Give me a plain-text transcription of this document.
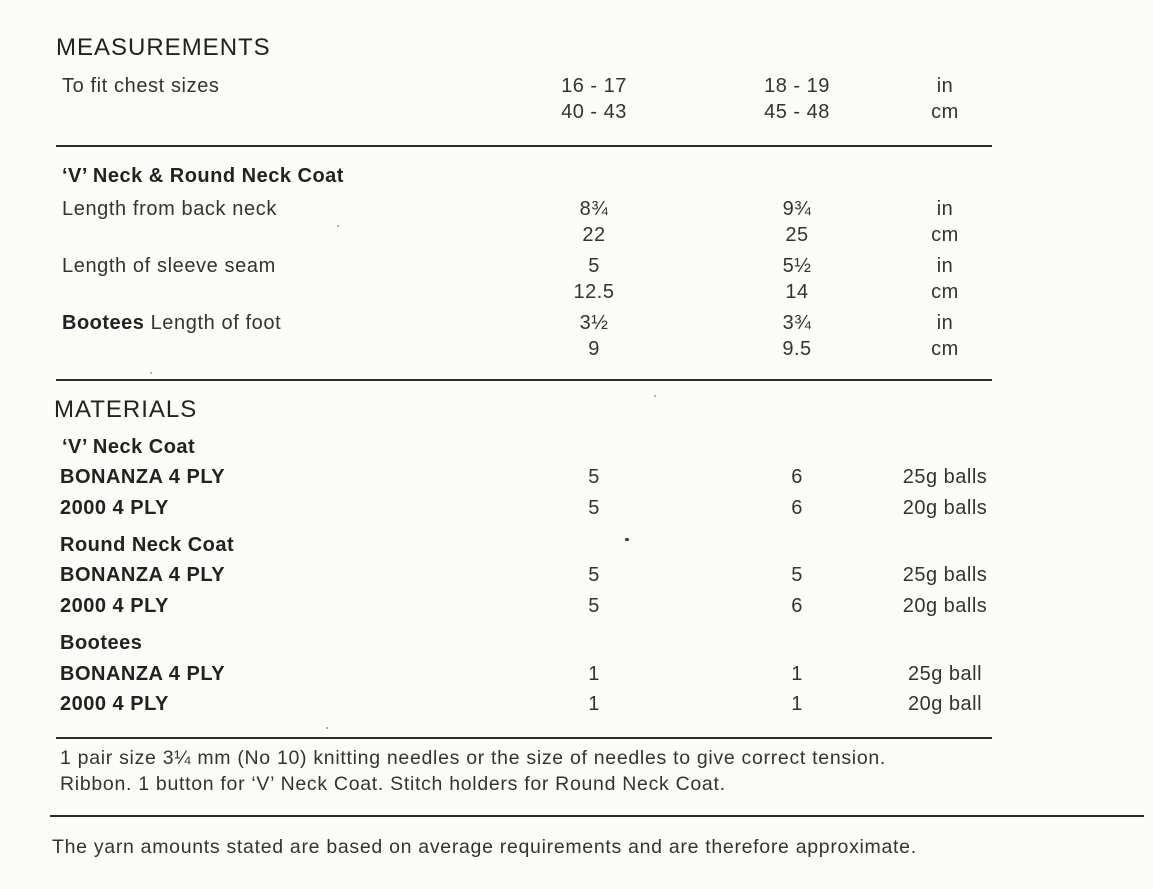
MEASUREMENTS
To fit chest sizes	16 - 17	18 - 19	in
40 - 43	45 - 48	cm
‘V’ Neck & Round Neck Coat
Length from back neck	8¾	9¾	in
22	25	cm
Length of sleeve seam	5	5½	in
12.5	14	cm
Bootees Length of foot	3½	3¾	in
9	9.5	cm
MATERIALS
‘V’ Neck Coat
BONANZA 4 PLY	5	6	25g balls
2000 4 PLY	5	6	20g balls
Round Neck Coat
BONANZA 4 PLY	5	5	25g balls
2000 4 PLY	5	6	20g balls
Bootees
BONANZA 4 PLY	1	1	25g ball
2000 4 PLY	1	1	20g ball
1 pair size 3¼ mm (No 10) knitting needles or the size of needles to give correct tension.
Ribbon. 1 button for ‘V’ Neck Coat. Stitch holders for Round Neck Coat.
The yarn amounts stated are based on average requirements and are therefore approximate.
